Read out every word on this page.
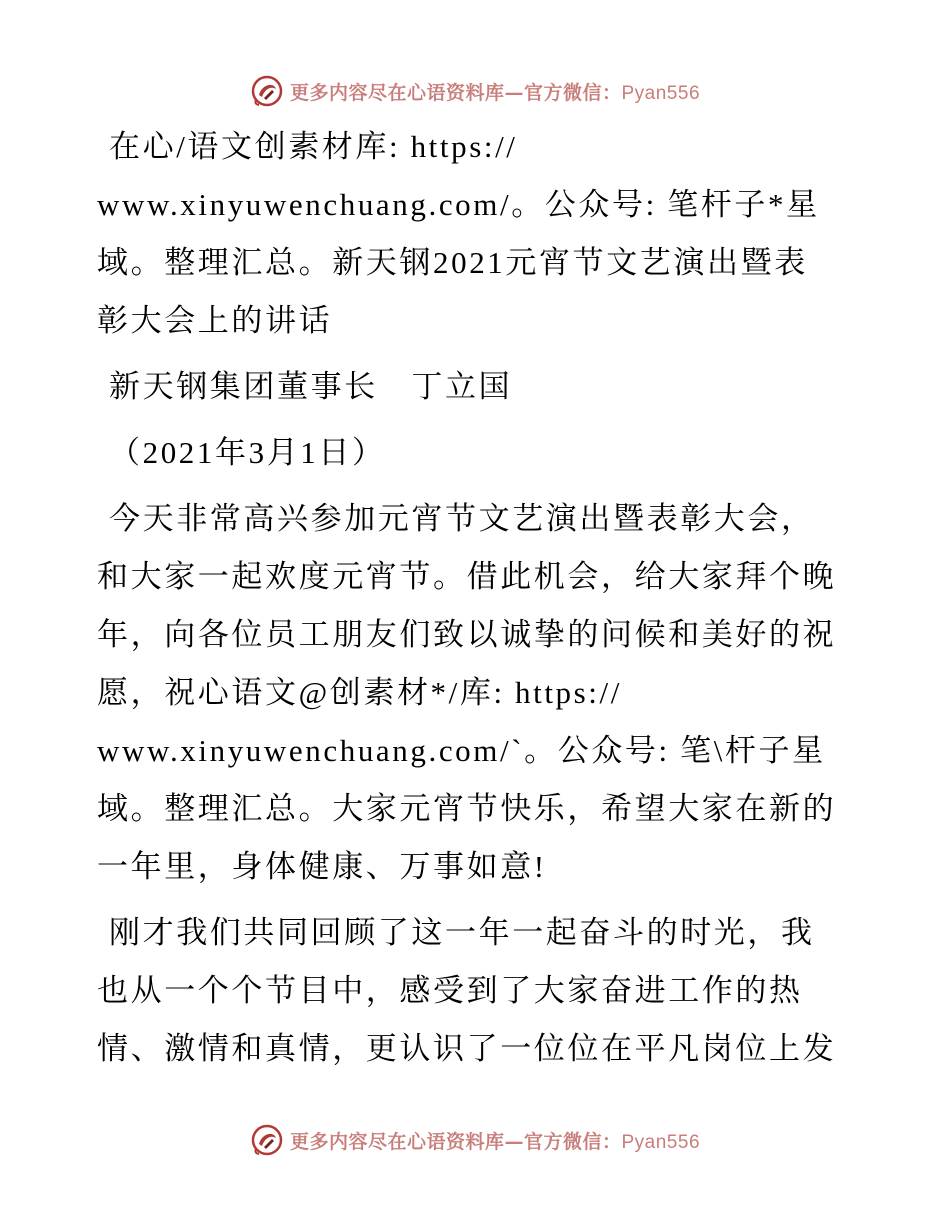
更多内容尽在心语资料库—官方微信：Pyan556

在心/语文创素材库: https://
www.xinyuwenchuang.com/。公众号: 笔杆子*星
域。整理汇总。新天钢2021元宵节文艺演出暨表
彰大会上的讲话

新天钢集团董事长　丁立国

（2021年3月1日）

今天非常高兴参加元宵节文艺演出暨表彰大会，
和大家一起欢度元宵节。借此机会，给大家拜个晚
年，向各位员工朋友们致以诚挚的问候和美好的祝
愿，祝心语文@创素材*/库: https://
www.xinyuwenchuang.com/`。公众号: 笔\杆子星
域。整理汇总。大家元宵节快乐，希望大家在新的
一年里，身体健康、万事如意!

刚才我们共同回顾了这一年一起奋斗的时光，我
也从一个个节目中，感受到了大家奋进工作的热
情、激情和真情，更认识了一位位在平凡岗位上发

更多内容尽在心语资料库—官方微信：Pyan556
